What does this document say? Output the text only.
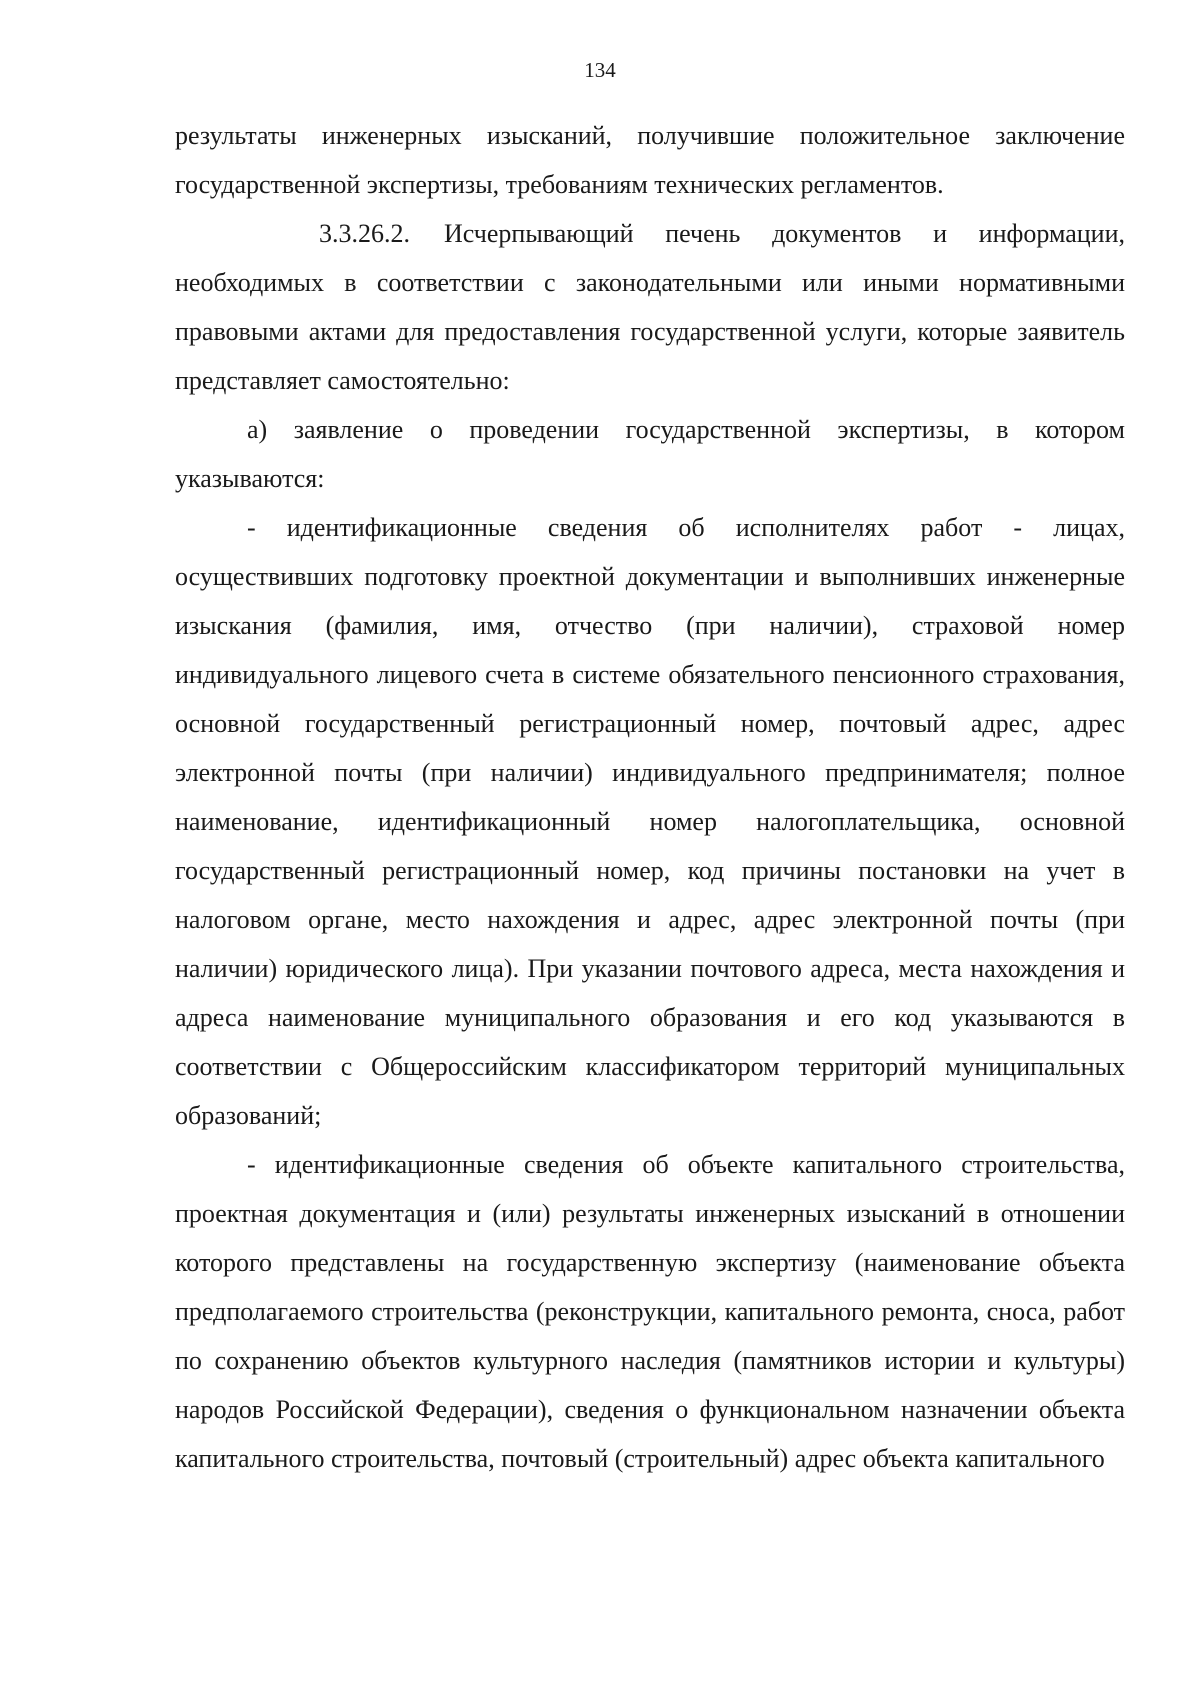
134

результаты инженерных изысканий, получившие положительное заключение государственной экспертизы, требованиям технических регламентов.

3.3.26.2. Исчерпывающий печень документов и информации, необходимых в соответствии с законодательными или иными нормативными правовыми актами для предоставления государственной услуги, которые заявитель представляет самостоятельно:

а) заявление о проведении государственной экспертизы, в котором указываются:

- идентификационные сведения об исполнителях работ - лицах, осуществивших подготовку проектной документации и выполнивших инженерные изыскания (фамилия, имя, отчество (при наличии), страховой номер индивидуального лицевого счета в системе обязательного пенсионного страхования, основной государственный регистрационный номер, почтовый адрес, адрес электронной почты (при наличии) индивидуального предпринимателя; полное наименование, идентификационный номер налогоплательщика, основной государственный регистрационный номер, код причины постановки на учет в налоговом органе, место нахождения и адрес, адрес электронной почты (при наличии) юридического лица). При указании почтового адреса, места нахождения и адреса наименование муниципального образования и его код указываются в соответствии с Общероссийским классификатором территорий муниципальных образований;

- идентификационные сведения об объекте капитального строительства, проектная документация и (или) результаты инженерных изысканий в отношении которого представлены на государственную экспертизу (наименование объекта предполагаемого строительства (реконструкции, капитального ремонта, сноса, работ по сохранению объектов культурного наследия (памятников истории и культуры) народов Российской Федерации), сведения о функциональном назначении объекта капитального строительства, почтовый (строительный) адрес объекта капитального
